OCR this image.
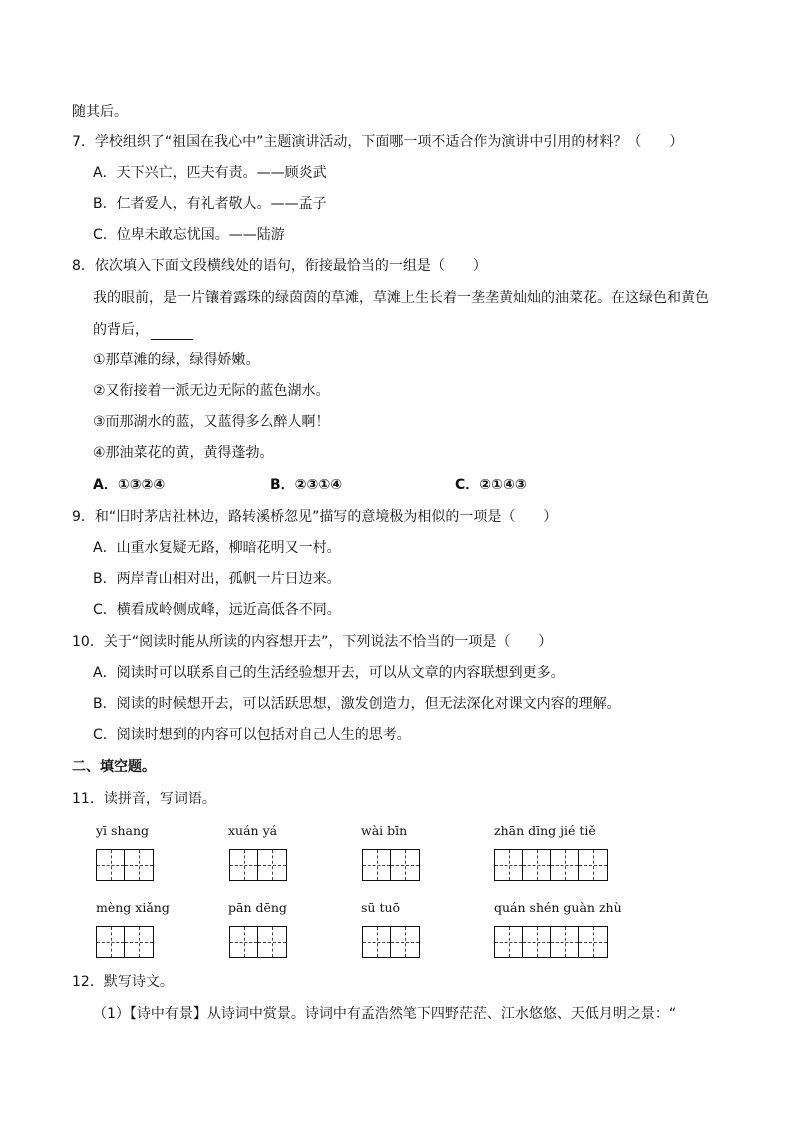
随其后。
7．学校组织了“祖国在我心中”主题演讲活动，下面哪一项不适合作为演讲中引用的材料？（　　）
A．天下兴亡，匹夫有责。——顾炎武
B．仁者爱人，有礼者敬人。——孟子
C．位卑未敢忘忧国。——陆游
8．依次填入下面文段横线处的语句，衔接最恰当的一组是（　　）
我的眼前，是一片镶着露珠的绿茵茵的草滩，草滩上生长着一垄垄黄灿灿的油菜花。在这绿色和黄色
的背后，
①那草滩的绿，绿得娇嫩。
②又衔接着一派无边无际的蓝色湖水。
③而那湖水的蓝，又蓝得多么醉人啊！
④那油菜花的黄，黄得蓬勃。
A．①③②④	B．②③①④	C．②①④③
9．和“旧时茅店社林边，路转溪桥忽见”描写的意境极为相似的一项是（　　）
A．山重水复疑无路，柳暗花明又一村。
B．两岸青山相对出，孤帆一片日边来。
C．横看成岭侧成峰，远近高低各不同。
10．关于“阅读时能从所读的内容想开去”，下列说法不恰当的一项是（　　）
A．阅读时可以联系自己的生活经验想开去，可以从文章的内容联想到更多。
B．阅读的时候想开去，可以活跃思想，激发创造力，但无法深化对课文内容的理解。
C．阅读时想到的内容可以包括对自己人生的思考。
二、填空题。
11．读拼音，写词语。
yī shang	xuán yá	wài bīn	zhān dīng jié tiě
mèng xiǎng	pān dēng	sū tuō	quán shén guàn zhù
12．默写诗文。
（1）【诗中有景】从诗词中赏景。诗词中有孟浩然笔下四野茫茫、江水悠悠、天低月明之景：“
